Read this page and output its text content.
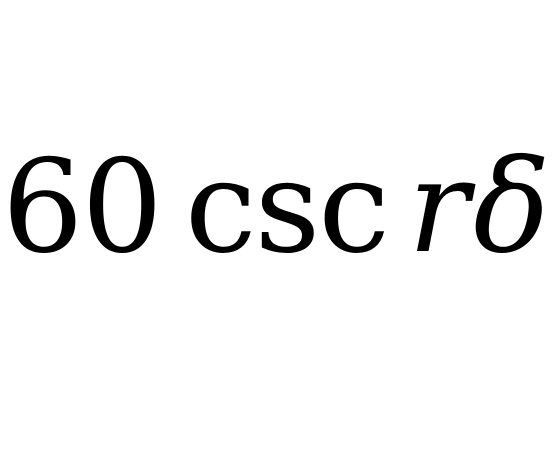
60 csc rδ
